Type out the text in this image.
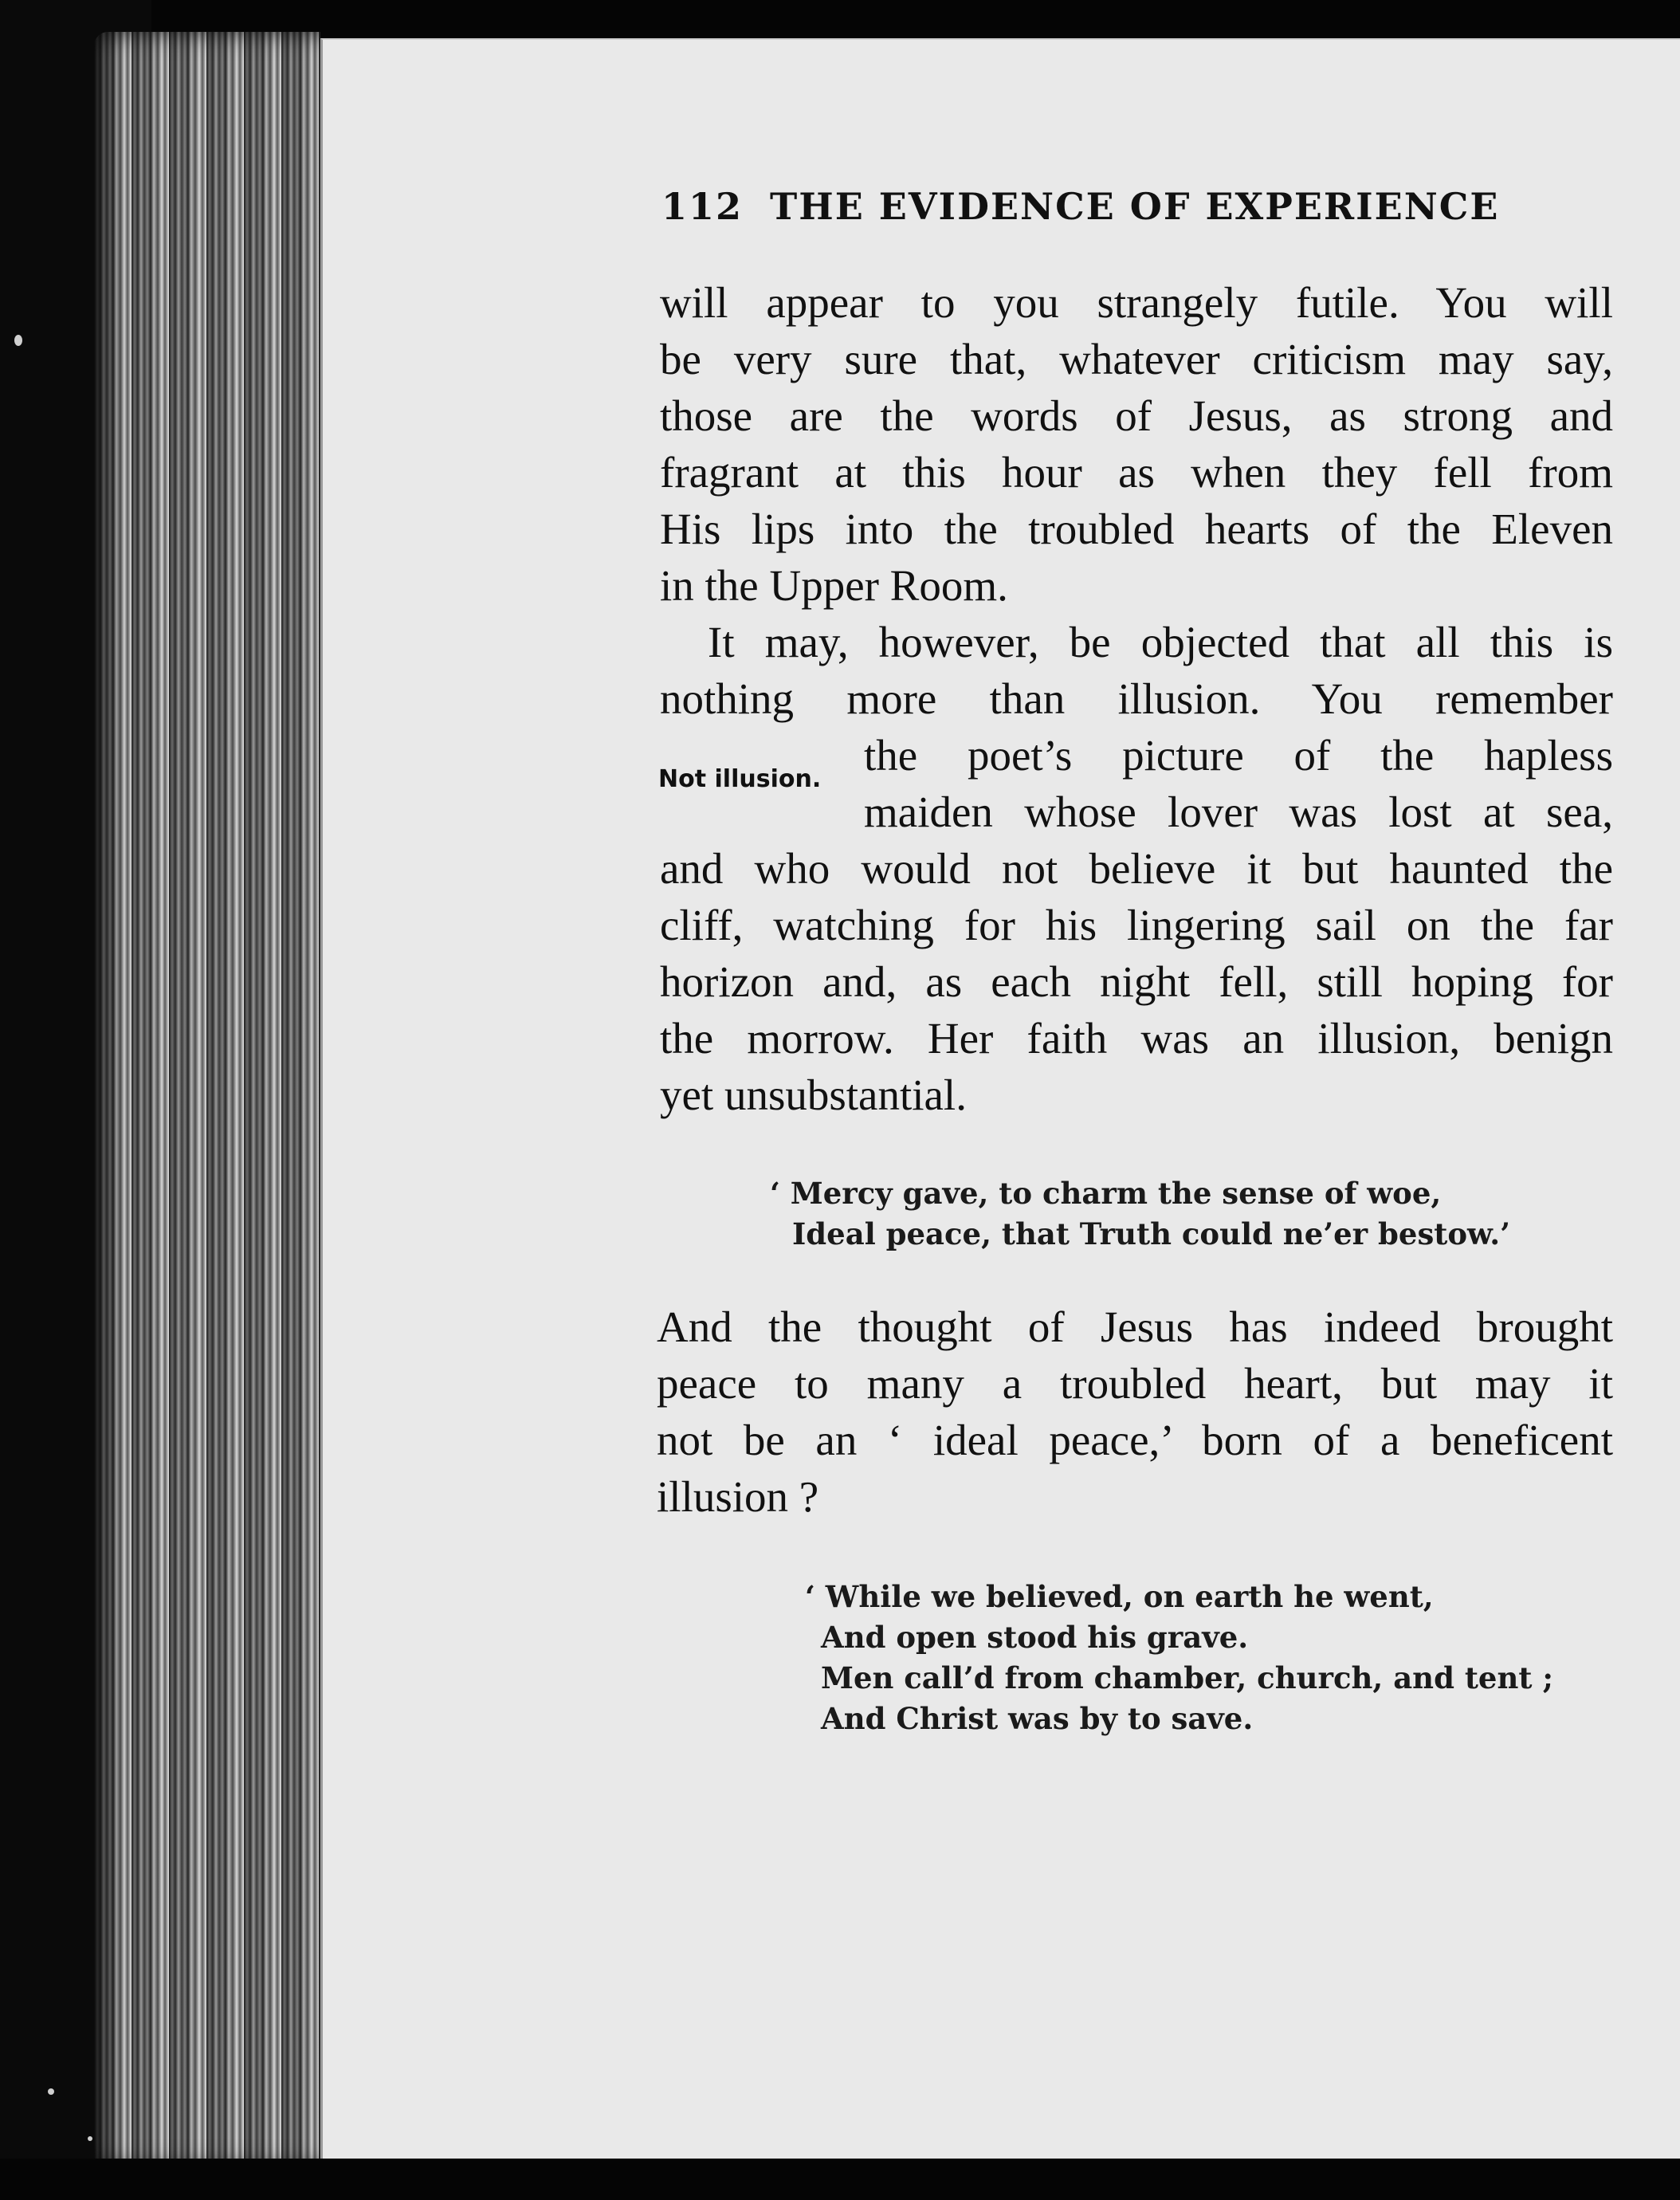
112 THE EVIDENCE OF EXPERIENCE
will appear to you strangely futile. You will
be very sure that, whatever criticism may say,
those are the words of Jesus, as strong and
fragrant at this hour as when they fell from
His lips into the troubled hearts of the Eleven
in the Upper Room.
It may, however, be objected that all this is
nothing more than illusion. You remember
Not illusion. the poet’s picture of the hapless
maiden whose lover was lost at sea,
and who would not believe it but haunted the
cliff, watching for his lingering sail on the far
horizon and, as each night fell, still hoping for
the morrow. Her faith was an illusion, benign
yet unsubstantial.
‘ Mercy gave, to charm the sense of woe,
Ideal peace, that Truth could ne’er bestow.’
And the thought of Jesus has indeed brought
peace to many a troubled heart, but may it
not be an ‘ ideal peace,’ born of a beneficent
illusion ?
‘ While we believed, on earth he went,
And open stood his grave.
Men call’d from chamber, church, and tent ;
And Christ was by to save.
